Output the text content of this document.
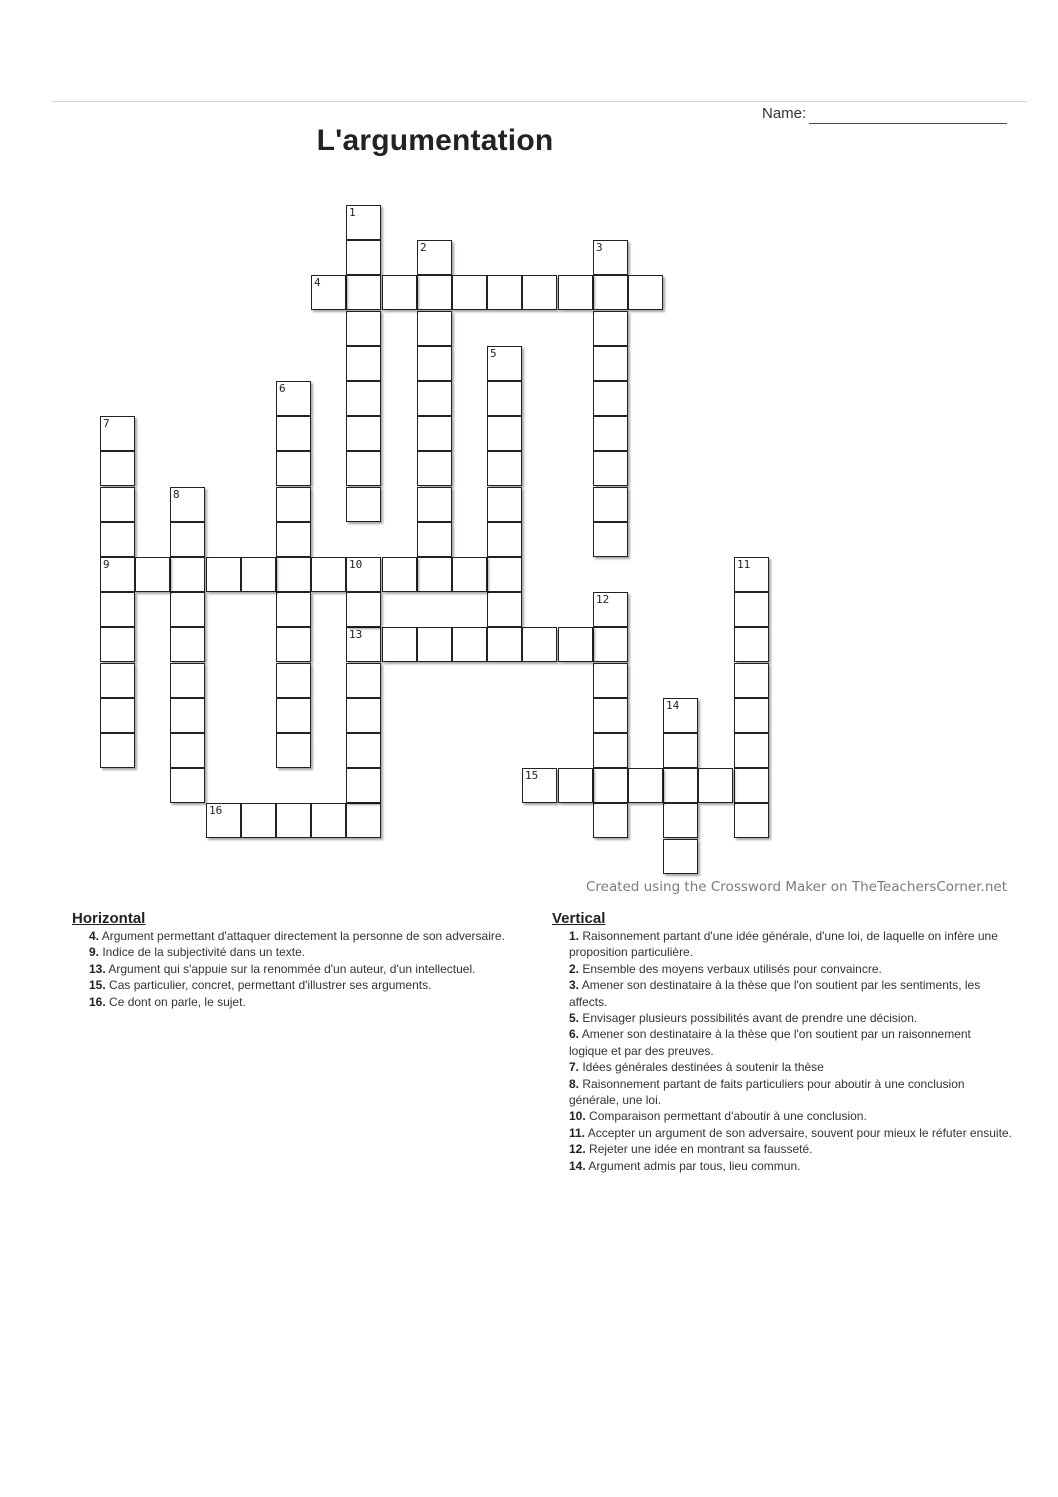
Name:
L'argumentation
1
2	3
4
5
6
7
9
8
10	11
12
13
14
15
16
Created using the Crossword Maker on TheTeachersCorner.net
Horizontal
4. Argument permettant d'attaquer directement la personne de son adversaire.
9. Indice de la subjectivité dans un texte.
13. Argument qui s'appuie sur la renommée d'un auteur, d'un intellectuel.
15. Cas particulier, concret, permettant d'illustrer ses arguments.
16. Ce dont on parle, le sujet.
Vertical
1. Raisonnement partant d'une idée générale, d'une loi, de laquelle on infère une proposition particulière.
2. Ensemble des moyens verbaux utilisés pour convaincre.
3. Amener son destinataire à la thèse que l'on soutient par les sentiments, les affects.
5. Envisager plusieurs possibilités avant de prendre une décision.
6. Amener son destinataire à la thèse que l'on soutient par un raisonnement logique et par des preuves.
7. Idées générales destinées à soutenir la thèse
8. Raisonnement partant de faits particuliers pour aboutir à une conclusion générale, une loi.
10. Comparaison permettant d'aboutir à une conclusion.
11. Accepter un argument de son adversaire, souvent pour mieux le réfuter ensuite.
12. Rejeter une idée en montrant sa fausseté.
14. Argument admis par tous, lieu commun.
